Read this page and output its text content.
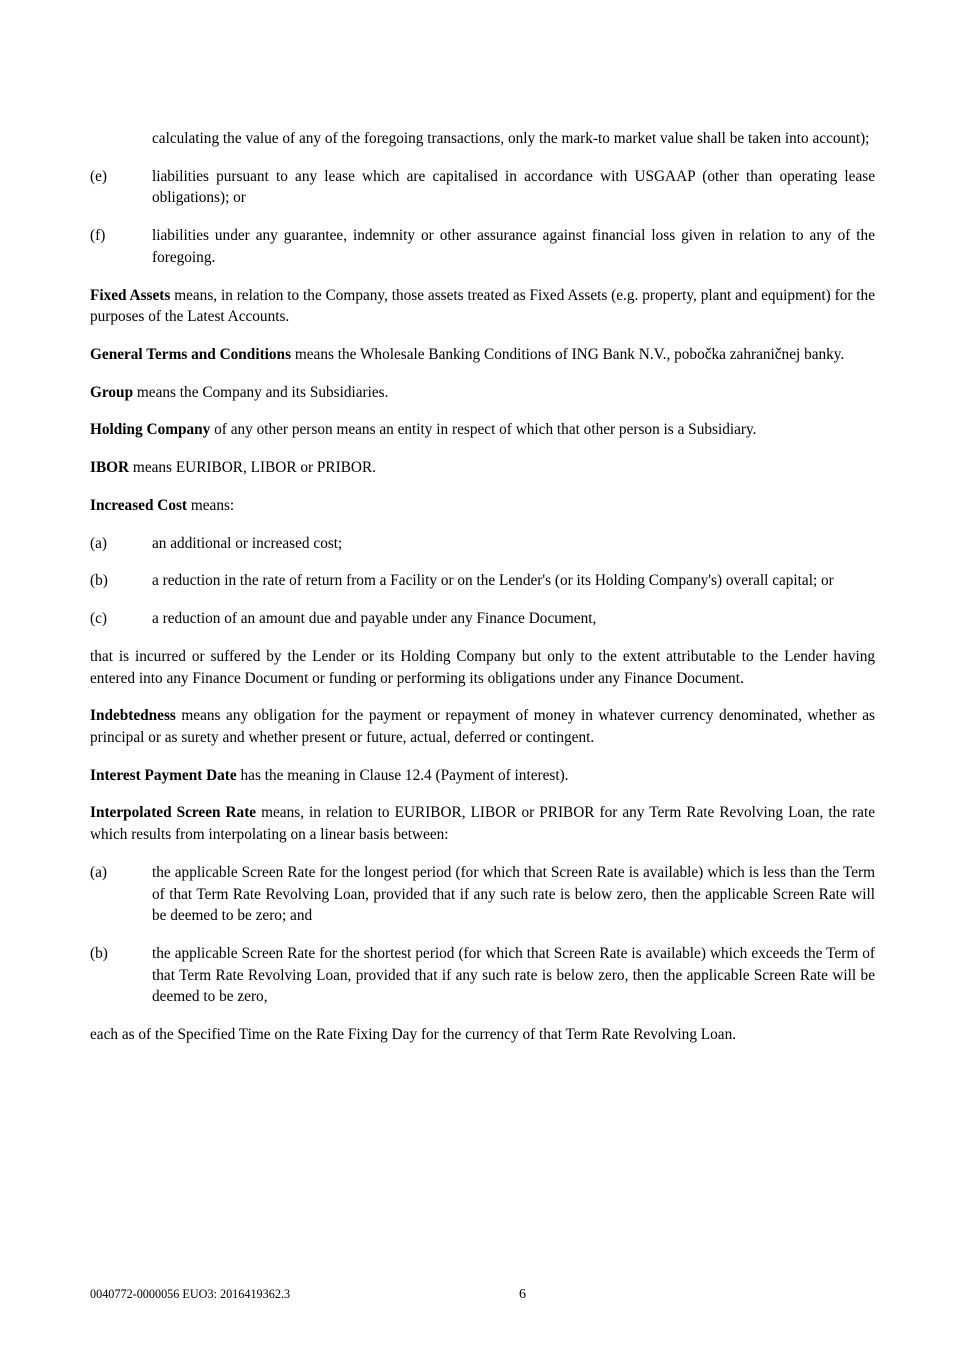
calculating the value of any of the foregoing transactions, only the mark-to market value shall be taken into account);

(e)	liabilities pursuant to any lease which are capitalised in accordance with USGAAP (other than operating lease obligations); or
(f)	liabilities under any guarantee, indemnity or other assurance against financial loss given in relation to any of the foregoing.

Fixed Assets means, in relation to the Company, those assets treated as Fixed Assets (e.g. property, plant and equipment) for the purposes of the Latest Accounts.

General Terms and Conditions means the Wholesale Banking Conditions of ING Bank N.V., pobočka zahraničnej banky.

Group means the Company and its Subsidiaries.

Holding Company of any other person means an entity in respect of which that other person is a Subsidiary.

IBOR means EURIBOR, LIBOR or PRIBOR.

Increased Cost means:

(a)	an additional or increased cost;
(b)	a reduction in the rate of return from a Facility or on the Lender's (or its Holding Company's) overall capital; or
(c)	a reduction of an amount due and payable under any Finance Document,

that is incurred or suffered by the Lender or its Holding Company but only to the extent attributable to the Lender having entered into any Finance Document or funding or performing its obligations under any Finance Document.

Indebtedness means any obligation for the payment or repayment of money in whatever currency denominated, whether as principal or as surety and whether present or future, actual, deferred or contingent.

Interest Payment Date has the meaning in Clause 12.4 (Payment of interest).

Interpolated Screen Rate means, in relation to EURIBOR, LIBOR or PRIBOR for any Term Rate Revolving Loan, the rate which results from interpolating on a linear basis between:

(a)	the applicable Screen Rate for the longest period (for which that Screen Rate is available) which is less than the Term of that Term Rate Revolving Loan, provided that if any such rate is below zero, then the applicable Screen Rate will be deemed to be zero; and
(b)	the applicable Screen Rate for the shortest period (for which that Screen Rate is available) which exceeds the Term of that Term Rate Revolving Loan, provided that if any such rate is below zero, then the applicable Screen Rate will be deemed to be zero,

each as of the Specified Time on the Rate Fixing Day for the currency of that Term Rate Revolving Loan.

0040772-0000056 EUO3: 2016419362.3	6
